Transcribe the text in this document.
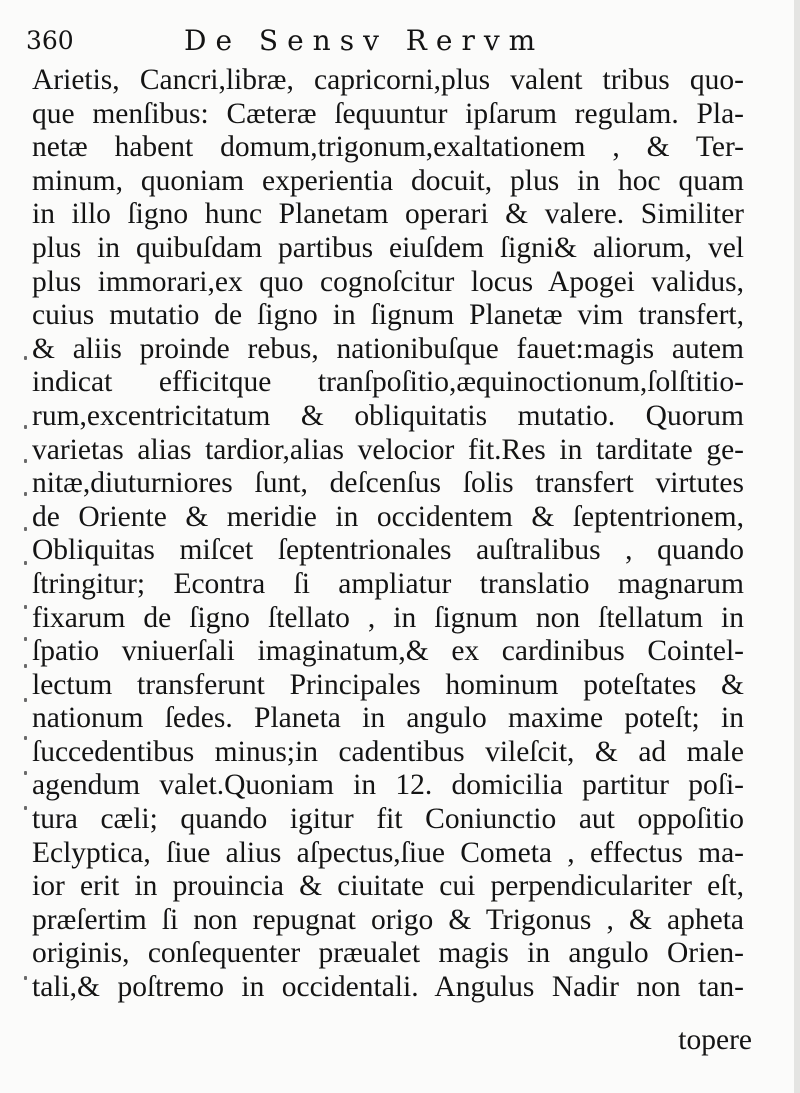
360	De Sensv Rervm
Arietis, Cancri,libræ, capricorni,plus valent tribus quo-
que menſibus: Cæteræ ſequuntur ipſarum regulam. Pla-
netæ habent domum,trigonum,exaltationem , & Ter-
minum, quoniam experientia docuit, plus in hoc quam
in illo ſigno hunc Planetam operari & valere. Similiter
plus in quibuſdam partibus eiuſdem ſigni& aliorum, vel
plus immorari,ex quo cognoſcitur locus Apogei validus,
cuius mutatio de ſigno in ſignum Planetæ vim transfert,
& aliis proinde rebus, nationibuſque fauet:magis autem
indicat efficitque tranſpoſitio,æquinoctionum,ſolſtitio-
rum,excentricitatum & obliquitatis mutatio. Quorum
varietas alias tardior,alias velocior fit.Res in tarditate ge-
nitæ,diuturniores ſunt, deſcenſus ſolis transfert virtutes
de Oriente & meridie in occidentem & ſeptentrionem,
Obliquitas miſcet ſeptentrionales auſtralibus , quando
ſtringitur; Econtra ſi ampliatur translatio magnarum
fixarum de ſigno ſtellato , in ſignum non ſtellatum in
ſpatio vniuerſali imaginatum,& ex cardinibus Cointel-
lectum transferunt Principales hominum poteſtates &
nationum ſedes. Planeta in angulo maxime poteſt; in
ſuccedentibus minus;in cadentibus vileſcit, & ad male
agendum valet.Quoniam in 12. domicilia partitur poſi-
tura cæli; quando igitur fit Coniunctio aut oppoſitio
Eclyptica, ſiue alius aſpectus,ſiue Cometa , effectus ma-
ior erit in prouincia & ciuitate cui perpendiculariter eſt,
præſertim ſi non repugnat origo & Trigonus , & apheta
originis, conſequenter præualet magis in angulo Orien-
tali,& poſtremo in occidentali. Angulus Nadir non tan-
topere
